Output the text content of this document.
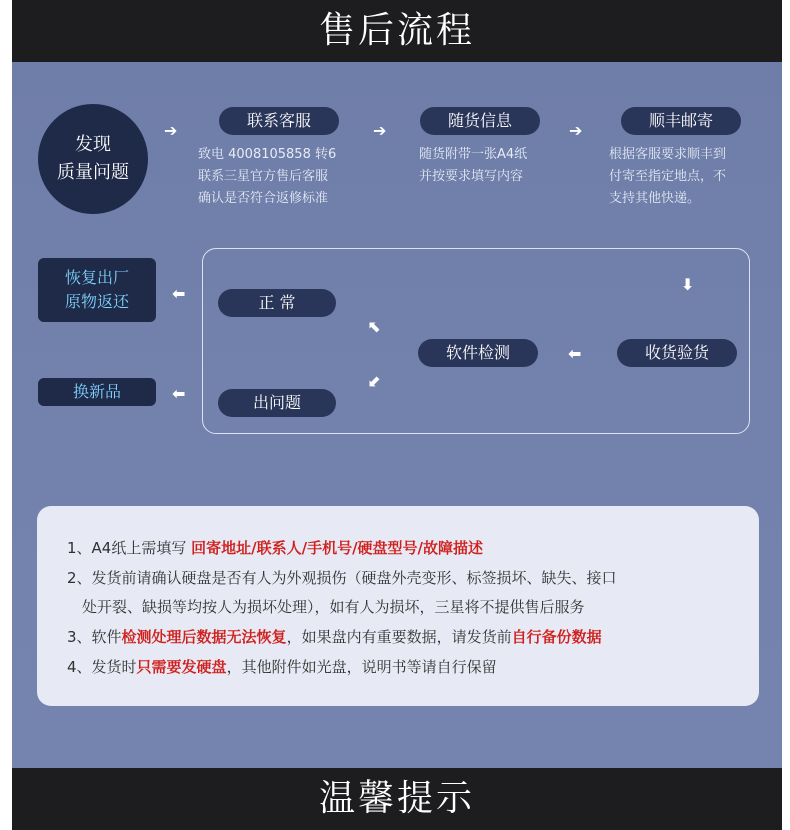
售后流程
发现
质量问题
➔	➔	➔
联系客服
致电 4008105858 转6
联系三星官方售后客服
确认是否符合返修标准
随货信息
随货附带一张A4纸
并按要求填写内容
顺丰邮寄
根据客服要求顺丰到
付寄至指定地点，不
支持其他快递。
恢复出厂
原物返还	⬅
换新品	⬅
⬇
收货验货
⬅
软件检测
⬉
⬋
正 常
出问题

1、A4纸上需填写 回寄地址/联系人/手机号/硬盘型号/故障描述

2、发货前请确认硬盘是否有人为外观损伤（硬盘外壳变形、标签损坏、缺失、接口

　处开裂、缺损等均按人为损坏处理），如有人为损坏，三星将不提供售后服务

3、软件检测处理后数据无法恢复，如果盘内有重要数据，请发货前自行备份数据

4、发货时只需要发硬盘，其他附件如光盘，说明书等请自行保留

温馨提示
